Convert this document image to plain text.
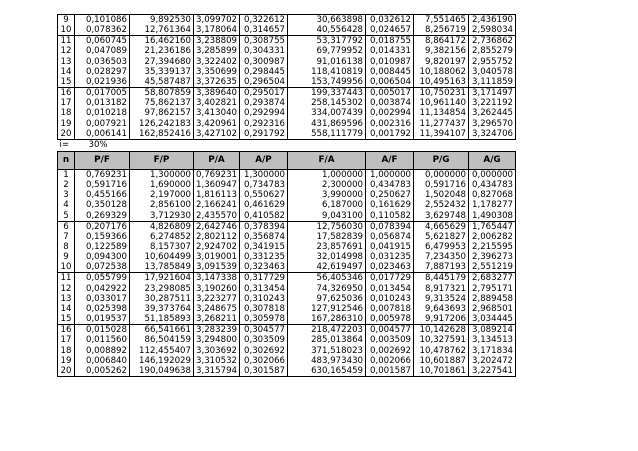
9	0,101086	9,892530	3,099702	0,322612	30,663898	0,032612	7,551465	2,436190
10	0,078362	12,761364	3,178064	0,314657	40,556428	0,024657	8,256719	2,598034
11	0,060745	16,462160	3,238809	0,308755	53,317792	0,018755	8,864172	2,736862
12	0,047089	21,236186	3,285899	0,304331	69,779952	0,014331	9,382156	2,855279
13	0,036503	27,394680	3,322402	0,300987	91,016138	0,010987	9,820197	2,955752
14	0,028297	35,339137	3,350699	0,298445	118,410819	0,008445	10,188062	3,040578
15	0,021936	45,587487	3,372635	0,296504	153,749956	0,006504	10,495163	3,111859
16	0,017005	58,807859	3,389640	0,295017	199,337443	0,005017	10,750231	3,171497
17	0,013182	75,862137	3,402821	0,293874	258,145302	0,003874	10,961140	3,221192
18	0,010218	97,862157	3,413040	0,292994	334,007439	0,002994	11,134854	3,262445
19	0,007921	126,242183	3,420961	0,292316	431,869596	0,002316	11,277437	3,296570
20	0,006141	162,852416	3,427102	0,291792	558,111779	0,001792	11,394107	3,324706
i=	30%							
n	P/F	F/P	P/A	A/P	F/A	A/F	P/G	A/G
1	0,769231	1,300000	0,769231	1,300000	1,000000	1,000000	0,000000	0,000000
2	0,591716	1,690000	1,360947	0,734783	2,300000	0,434783	0,591716	0,434783
3	0,455166	2,197000	1,816113	0,550627	3,990000	0,250627	1,502048	0,827068
4	0,350128	2,856100	2,166241	0,461629	6,187000	0,161629	2,552432	1,178277
5	0,269329	3,712930	2,435570	0,410582	9,043100	0,110582	3,629748	1,490308
6	0,207176	4,826809	2,642746	0,378394	12,756030	0,078394	4,665629	1,765447
7	0,159366	6,274852	2,802112	0,356874	17,582839	0,056874	5,621827	2,006282
8	0,122589	8,157307	2,924702	0,341915	23,857691	0,041915	6,479953	2,215595
9	0,094300	10,604499	3,019001	0,331235	32,014998	0,031235	7,234350	2,396273
10	0,072538	13,785849	3,091539	0,323463	42,619497	0,023463	7,887193	2,551219
11	0,055799	17,921604	3,147338	0,317729	56,405346	0,017729	8,445179	2,683277
12	0,042922	23,298085	3,190260	0,313454	74,326950	0,013454	8,917321	2,795171
13	0,033017	30,287511	3,223277	0,310243	97,625036	0,010243	9,313524	2,889458
14	0,025398	39,373764	3,248675	0,307818	127,912546	0,007818	9,643693	2,968501
15	0,019537	51,185893	3,268211	0,305978	167,286310	0,005978	9,917206	3,034445
16	0,015028	66,541661	3,283239	0,304577	218,472203	0,004577	10,142628	3,089214
17	0,011560	86,504159	3,294800	0,303509	285,013864	0,003509	10,327591	3,134513
18	0,008892	112,455407	3,303692	0,302692	371,518023	0,002692	10,478762	3,171834
19	0,006840	146,192029	3,310532	0,302066	483,973430	0,002066	10,601887	3,202472
20	0,005262	190,049638	3,315794	0,301587	630,165459	0,001587	10,701861	3,227541
